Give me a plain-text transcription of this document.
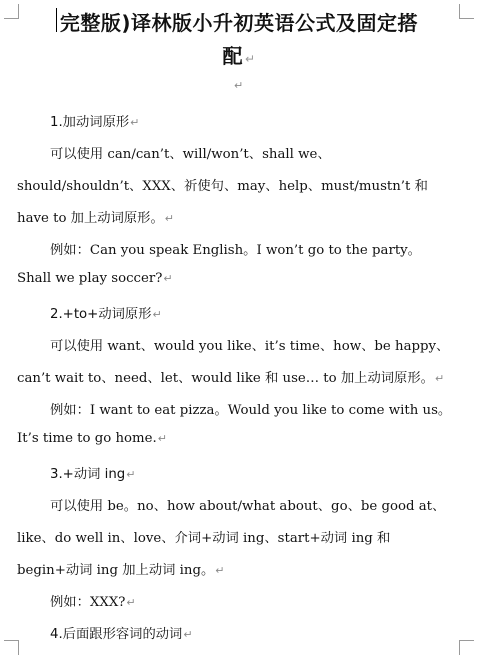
完整版)译林版小升初英语公式及固定搭
配 ↵
↵
1.加动词原形↵
可以使用 can/can’t、will/won’t、shall we、
should/shouldn’t、XXX、祈使句、may、help、must/mustn’t 和
have to 加上动词原形。↵
例如：Can you speak English。I won’t go to the party。
Shall we play soccer?↵
2.+to+动词原形↵
可以使用 want、would you like、it’s time、how、be happy、
can’t wait to、need、let、would like 和 use… to 加上动词原形。↵
例如：I want to eat pizza。Would you like to come with us。
It’s time to go home.↵
3.+动词 ing↵
可以使用 be。no、how about/what about、go、be good at、
like、do well in、love、介词+动词 ing、start+动词 ing 和
begin+动词 ing 加上动词 ing。↵
例如：XXX?↵
4.后面跟形容词的动词↵
